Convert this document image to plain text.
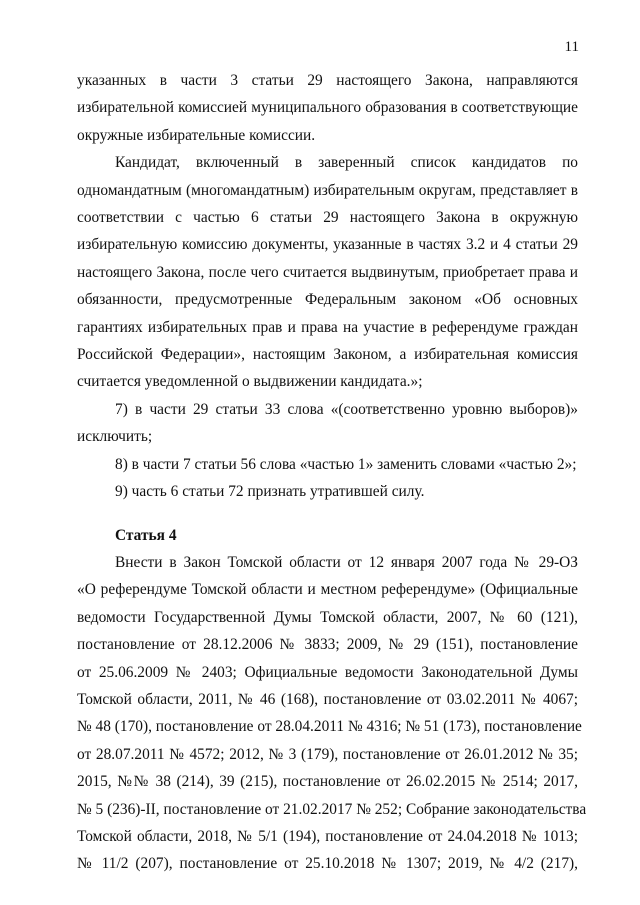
11
указанных в части 3 статьи 29 настоящего Закона, направляются
избирательной комиссией муниципального образования в соответствующие
окружные избирательные комиссии.
Кандидат, включенный в заверенный список кандидатов по
одномандатным (многомандатным) избирательным округам, представляет в
соответствии с частью 6 статьи 29 настоящего Закона в окружную
избирательную комиссию документы, указанные в частях 3.2 и 4 статьи 29
настоящего Закона, после чего считается выдвинутым, приобретает права и
обязанности, предусмотренные Федеральным законом «Об основных
гарантиях избирательных прав и права на участие в референдуме граждан
Российской Федерации», настоящим Законом, а избирательная комиссия
считается уведомленной о выдвижении кандидата.»;
7) в части 29 статьи 33 слова «(соответственно уровню выборов)»
исключить;
8) в части 7 статьи 56 слова «частью 1» заменить словами «частью 2»;
9) часть 6 статьи 72 признать утратившей силу.
Статья 4
Внести в Закон Томской области от 12 января 2007 года № 29-ОЗ
«О референдуме Томской области и местном референдуме» (Официальные
ведомости Государственной Думы Томской области, 2007, № 60 (121),
постановление от 28.12.2006 № 3833; 2009, № 29 (151), постановление
от 25.06.2009 № 2403; Официальные ведомости Законодательной Думы
Томской области, 2011, № 46 (168), постановление от 03.02.2011 № 4067;
№ 48 (170), постановление от 28.04.2011 № 4316; № 51 (173), постановление
от 28.07.2011 № 4572; 2012, № 3 (179), постановление от 26.01.2012 № 35;
2015, №№ 38 (214), 39 (215), постановление от 26.02.2015 № 2514; 2017,
№ 5 (236)-II, постановление от 21.02.2017 № 252; Собрание законодательства
Томской области, 2018, № 5/1 (194), постановление от 24.04.2018 № 1013;
№ 11/2 (207), постановление от 25.10.2018 № 1307; 2019, № 4/2 (217),
